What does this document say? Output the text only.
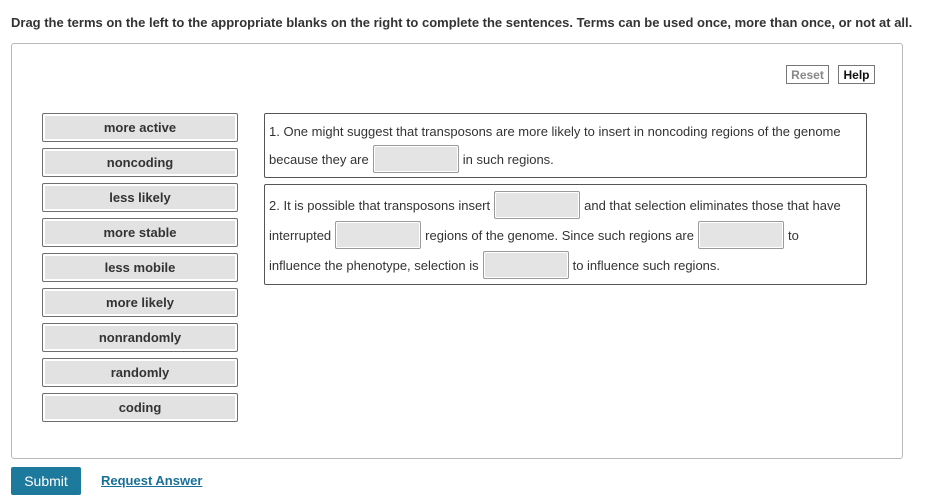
Drag the terms on the left to the appropriate blanks on the right to complete the sentences. Terms can be used once, more than once, or not at all.
Reset	Help
more active
noncoding
less likely
more stable
less mobile
more likely
nonrandomly
randomly
coding
1. One might suggest that transposons are more likely to insert in noncoding regions of the genome
because they are	in such regions.
2. It is possible that transposons insert	and that selection eliminates those that have
interrupted	regions of the genome. Since such regions are	to
influence the phenotype, selection is	to influence such regions.
Submit	Request Answer
